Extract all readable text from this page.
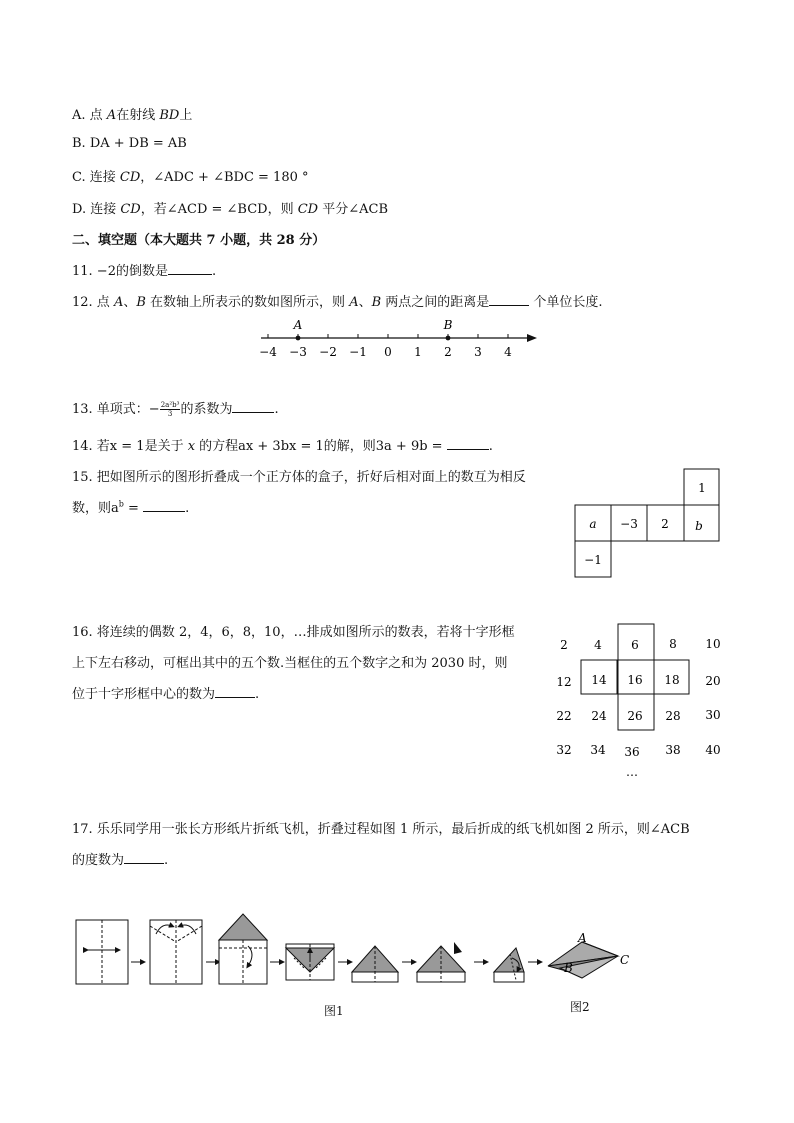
A. 点 A在射线 BD上
B. DA + DB = AB
C. 连接 CD，∠ADC + ∠BDC = 180 °
D. 连接 CD，若∠ACD = ∠BCD，则 CD 平分∠ACB
二、填空题（本大题共 7 小题，共 28 分）
11. −2的倒数是	.
12. 点 A、B 在数轴上所表示的数如图所示，则 A、B 两点之间的距离是	个单位长度.
−4 −3 −2 −1 0 1 2 3 4
A	B
13. 单项式：− $\frac{\text{2a²b³}}{3}$ 的系数为	.
14. 若x = 1是关于 x 的方程ax + 3bx = 1的解，则3a + 9b =	.
15. 把如图所示的图形折叠成一个正方体的盒子，折好后相对面上的数互为相反
数，则$a^b$ =	.
1
a −3 2 b
−1
16. 将连续的偶数 2，4，6，8，10，…排成如图所示的数表，若将十字形框
上下左右移动，可框出其中的五个数.当框住的五个数字之和为 2030 时，则
位于十字形框中心的数为	.
2 4 6	8 10
12 14 16 18 20
22 24 26 28 30
32 34 36 38 40
…
17. 乐乐同学用一张长方形纸片折纸飞机，折叠过程如图 1 所示，最后折成的纸飞机如图 2 所示，则∠ACB
的度数为	.
A
B
C
图1	图2
